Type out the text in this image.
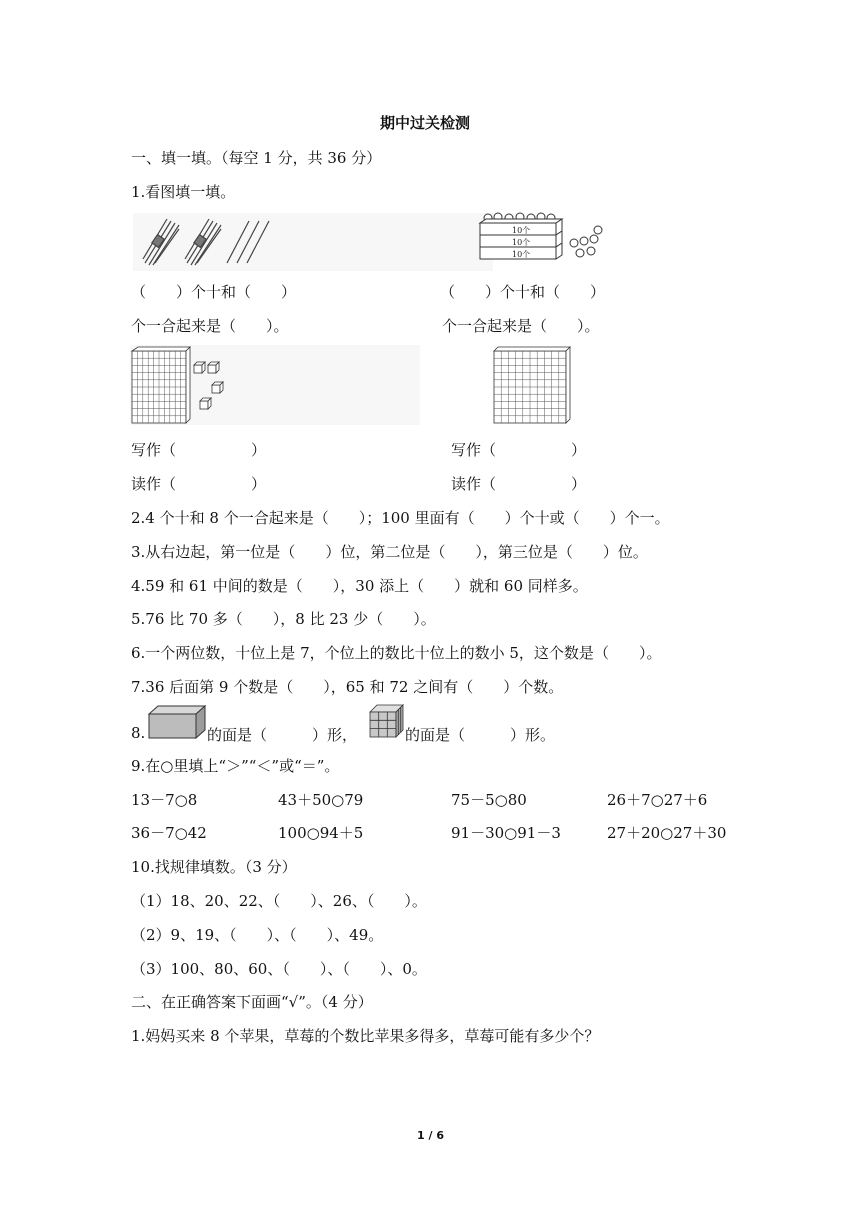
期中过关检测
一、填一填。（每空 1 分，共 36 分）
1.看图填一填。
10个
10个
10个
（　　）个十和（　　）	（　　）个十和（　　）
个一合起来是（　　）。	个一合起来是（　　）。
写作（　　　　　）	写作（　　　　　）
读作（　　　　　）	读作（　　　　　）
2.4 个十和 8 个一合起来是（　　）；100 里面有（　　）个十或（　　）个一。
3.从右边起，第一位是（　　）位，第二位是（　　），第三位是（　　）位。
4.59 和 61 中间的数是（　　），30 添上（　　）就和 60 同样多。
5.76 比 70 多（　　），8 比 23 少（　　）。
6.一个两位数，十位上是 7，个位上的数比十位上的数小 5，这个数是（　　）。
7.36 后面第 9 个数是（　　），65 和 72 之间有（　　）个数。
8.	的面是（　　　）形，	的面是（　　　）形。
9.在○里填上“＞”“＜”或“＝”。
13－7○8	43＋50○79	75－5○80	26＋7○27＋6
36－7○42	100○94＋5	91－30○91－3	27＋20○27＋30
10.找规律填数。（3 分）
（1）18、20、22、（　　）、26、（　　）。
（2）9、19、（　　）、（　　）、49。
（3）100、80、60、（　　）、（　　）、0。
二、在正确答案下面画“√”。（4 分）
1.妈妈买来 8 个苹果，草莓的个数比苹果多得多，草莓可能有多少个？
1 / 6
